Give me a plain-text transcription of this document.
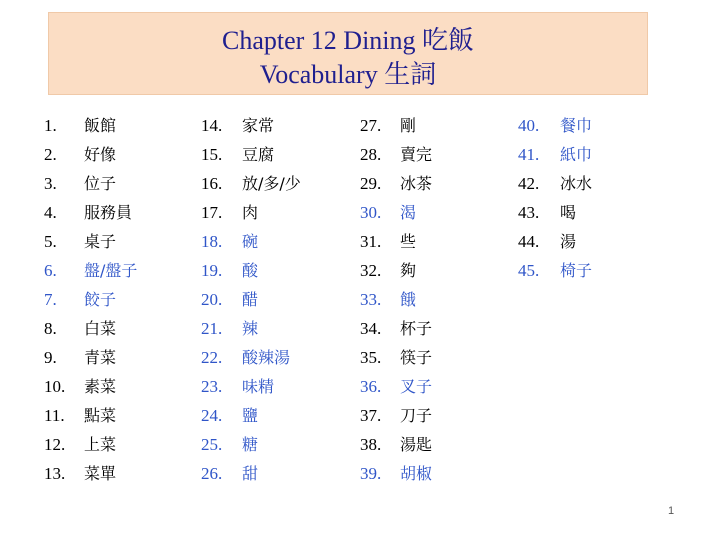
Chapter 12 Dining 吃飯
Vocabulary 生詞
1. 飯館
2. 好像
3. 位子
4. 服務員
5. 桌子
6. 盤/盤子
7. 餃子
8. 白菜
9. 青菜
10. 素菜
11. 點菜
12. 上菜
13. 菜單
14. 家常
15. 豆腐
16. 放/多/少
17. 肉
18. 碗
19. 酸
20. 醋
21. 辣
22. 酸辣湯
23. 味精
24. 鹽
25. 糖
26. 甜
27. 剛
28. 賣完
29. 冰茶
30. 渴
31. 些
32. 夠
33. 餓
34. 杯子
35. 筷子
36. 叉子
37. 刀子
38. 湯匙
39. 胡椒
40. 餐巾
41. 紙巾
42. 冰水
43. 喝
44. 湯
45. 椅子
1
